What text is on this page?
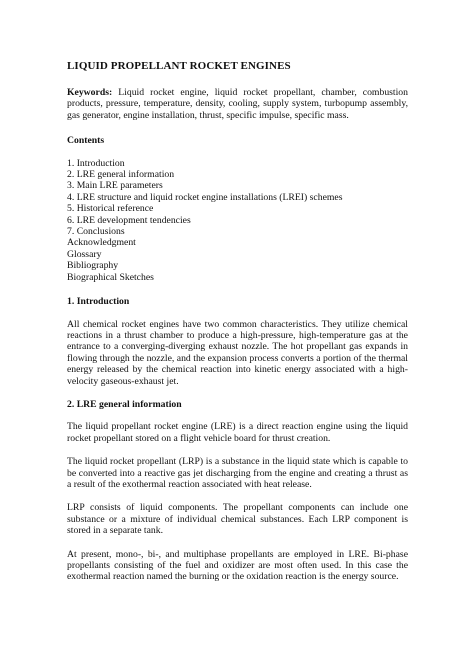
LIQUID PROPELLANT ROCKET ENGINES

Keywords: Liquid rocket engine, liquid rocket propellant, chamber, combustion products, pressure, temperature, density, cooling, supply system, turbopump assembly, gas generator, engine installation, thrust, specific impulse, specific mass.

Contents
1. Introduction
2. LRE general information
3. Main LRE parameters
4. LRE structure and liquid rocket engine installations (LREI) schemes
5. Historical reference
6. LRE development tendencies
7. Conclusions
Acknowledgment
Glossary
Bibliography
Biographical Sketches
1. Introduction

All chemical rocket engines have two common characteristics. They utilize chemical reactions in a thrust chamber to produce a high-pressure, high-temperature gas at the entrance to a converging-diverging exhaust nozzle. The hot propellant gas expands in flowing through the nozzle, and the expansion process converts a portion of the thermal energy released by the chemical reaction into kinetic energy associated with a high-velocity gaseous-exhaust jet.

2. LRE general information

The liquid propellant rocket engine (LRE) is a direct reaction engine using the liquid rocket propellant stored on a flight vehicle board for thrust creation.

The liquid rocket propellant (LRP) is a substance in the liquid state which is capable to be converted into a reactive gas jet discharging from the engine and creating a thrust as a result of the exothermal reaction associated with heat release.

LRP consists of liquid components. The propellant components can include one substance or a mixture of individual chemical substances. Each LRP component is stored in a separate tank.

At present, mono-, bi-, and multiphase propellants are employed in LRE. Bi-phase propellants consisting of the fuel and oxidizer are most often used. In this case the exothermal reaction named the burning or the oxidation reaction is the energy source.
